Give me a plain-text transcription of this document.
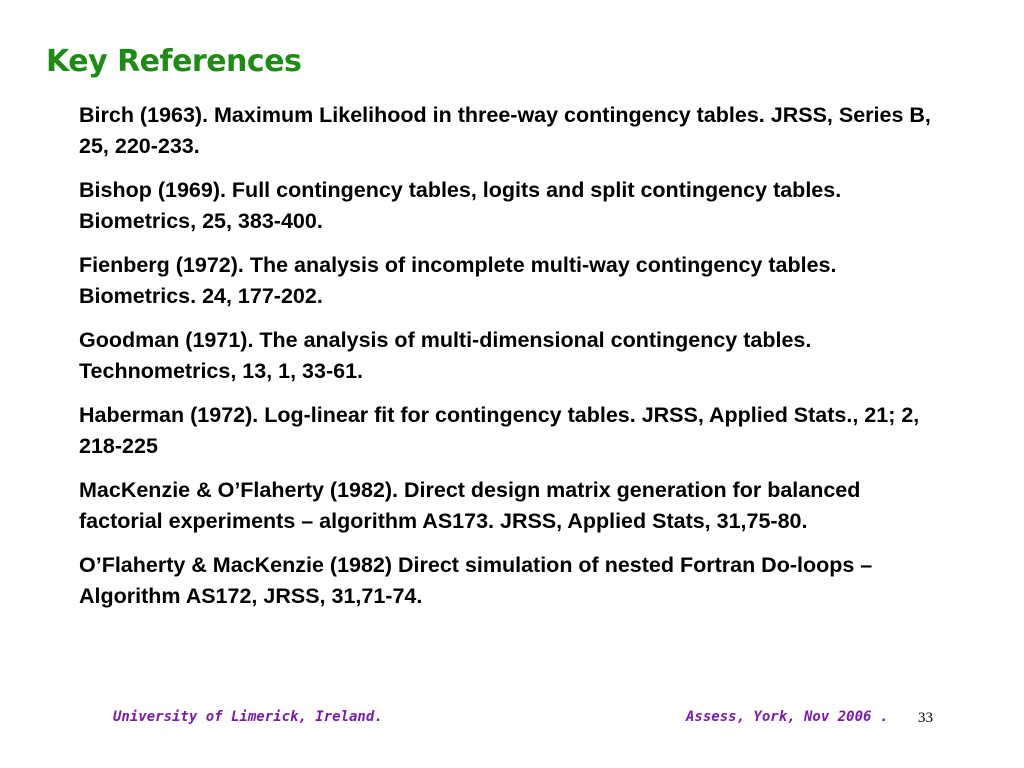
Key References
Birch (1963). Maximum Likelihood in three-way contingency tables. JRSS, Series B, 25, 220-233.
Bishop (1969). Full contingency tables, logits and split contingency tables. Biometrics, 25, 383-400.
Fienberg (1972). The analysis of incomplete multi-way contingency tables. Biometrics. 24, 177-202.
Goodman (1971). The analysis of multi-dimensional contingency tables. Technometrics, 13, 1, 33-61.
Haberman (1972). Log-linear fit for contingency tables. JRSS, Applied Stats., 21; 2, 218-225
MacKenzie & O’Flaherty (1982). Direct design matrix generation for balanced factorial experiments – algorithm AS173. JRSS, Applied Stats, 31,75-80.
O’Flaherty & MacKenzie (1982) Direct simulation of nested Fortran Do-loops – Algorithm AS172, JRSS, 31,71-74.
University of Limerick, Ireland.	Assess, York, Nov 2006 . 33
